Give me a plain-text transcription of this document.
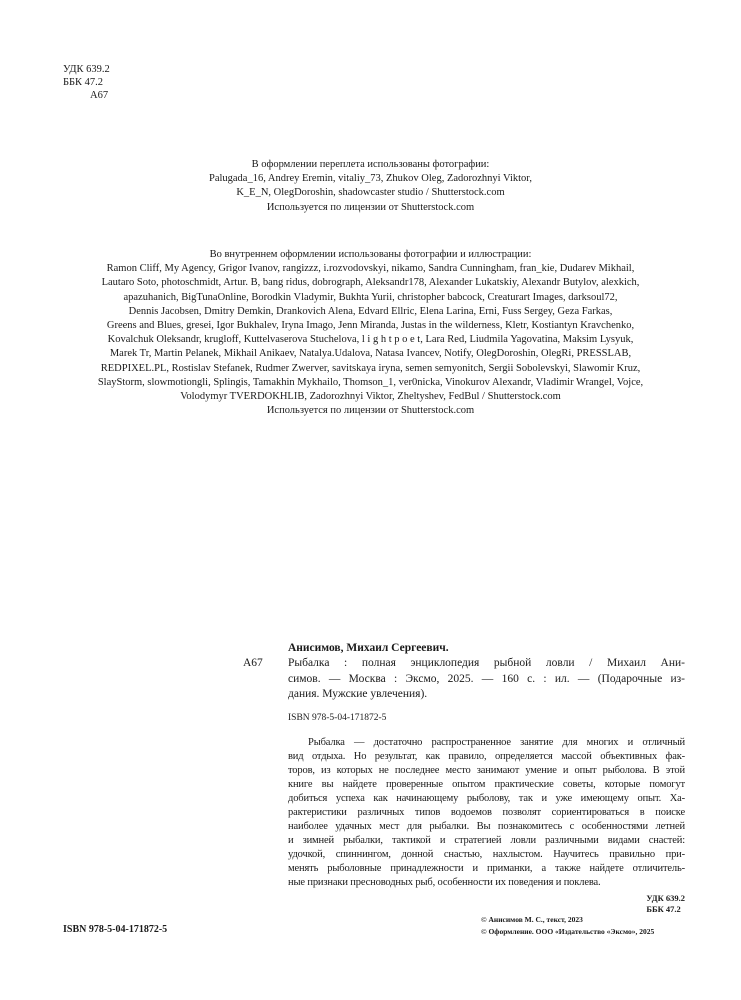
УДК 639.2
ББК 47.2
А67
В оформлении переплета использованы фотографии:
Palugada_16, Andrey Eremin, vitaliy_73, Zhukov Oleg, Zadorozhnyi Viktor,
K_E_N, OlegDoroshin, shadowcaster studio / Shutterstock.com
Используется по лицензии от Shutterstock.com
Во внутреннем оформлении использованы фотографии и иллюстрации:
Ramon Cliff, My Agency, Grigor Ivanov, rangizzz, i.rozvodovskyi, nikamo, Sandra Cunningham, fran_kie, Dudarev Mikhail,
Lautaro Soto, photoschmidt, Artur. B, bang ridus, dobrograph, Aleksandr178, Alexander Lukatskiy, Alexandr Butylov, alexkich,
apazuhanich, BigTunaOnline, Borodkin Vladymir, Bukhta Yurii, christopher babcock, Creaturart Images, darksoul72,
Dennis Jacobsen, Dmitry Demkin, Drankovich Alena, Edvard Ellric, Elena Larina, Erni, Fuss Sergey, Geza Farkas,
Greens and Blues, gresei, Igor Bukhalev, Iryna Imago, Jenn Miranda, Justas in the wilderness, Kletr, Kostiantyn Kravchenko,
Kovalchuk Oleksandr, krugloff, Kuttelvaserova Stuchelova, l i g h t p o e t, Lara Red, Liudmila Yagovatina, Maksim Lysyuk,
Marek Tr, Martin Pelanek, Mikhail Anikaev, Natalya.Udalova, Natasa Ivancev, Notify, OlegDoroshin, OlegRi, PRESSLAB,
REDPIXEL.PL, Rostislav Stefanek, Rudmer Zwerver, savitskaya iryna, semen semyonitch, Sergii Sobolevskyi, Slawomir Kruz,
SlayStorm, slowmotiongli, Splingis, Tamakhin Mykhailo, Thomson_1, ver0nicka, Vinokurov Alexandr, Vladimir Wrangel, Vojce,
Volodymyr TVERDOKHLIB, Zadorozhnyi Viktor, Zheltyshev, FedBul / Shutterstock.com
Используется по лицензии от Shutterstock.com
Анисимов, Михаил Сергеевич.
А67 Рыбалка : полная энциклопедия рыбной ловли / Михаил Ани-
симов. — Москва : Эксмо, 2025. — 160 с. : ил. — (Подарочные из-
дания. Мужские увлечения).
ISBN 978-5-04-171872-5
Рыбалка — достаточно распространенное занятие для многих и отличный
вид отдыха. Но результат, как правило, определяется массой объективных фак-
торов, из которых не последнее место занимают умение и опыт рыболова. В этой
книге вы найдете проверенные опытом практические советы, которые помогут
добиться успеха как начинающему рыболову, так и уже имеющему опыт. Ха-
рактеристики различных типов водоемов позволят сориентироваться в поиске
наиболее удачных мест для рыбалки. Вы познакомитесь с особенностями летней
и зимней рыбалки, тактикой и стратегией ловли различными видами снастей:
удочкой, спиннингом, донной снастью, нахлыстом. Научитесь правильно при-
менять рыболовные принадлежности и приманки, а также найдете отличитель-
ные признаки пресноводных рыб, особенности их поведения и поклева.
УДК 639.2
ББК 47.2
ISBN 978-5-04-171872-5
© Анисимов М. С., текст, 2023
© Оформление. ООО «Издательство «Эксмо», 2025
